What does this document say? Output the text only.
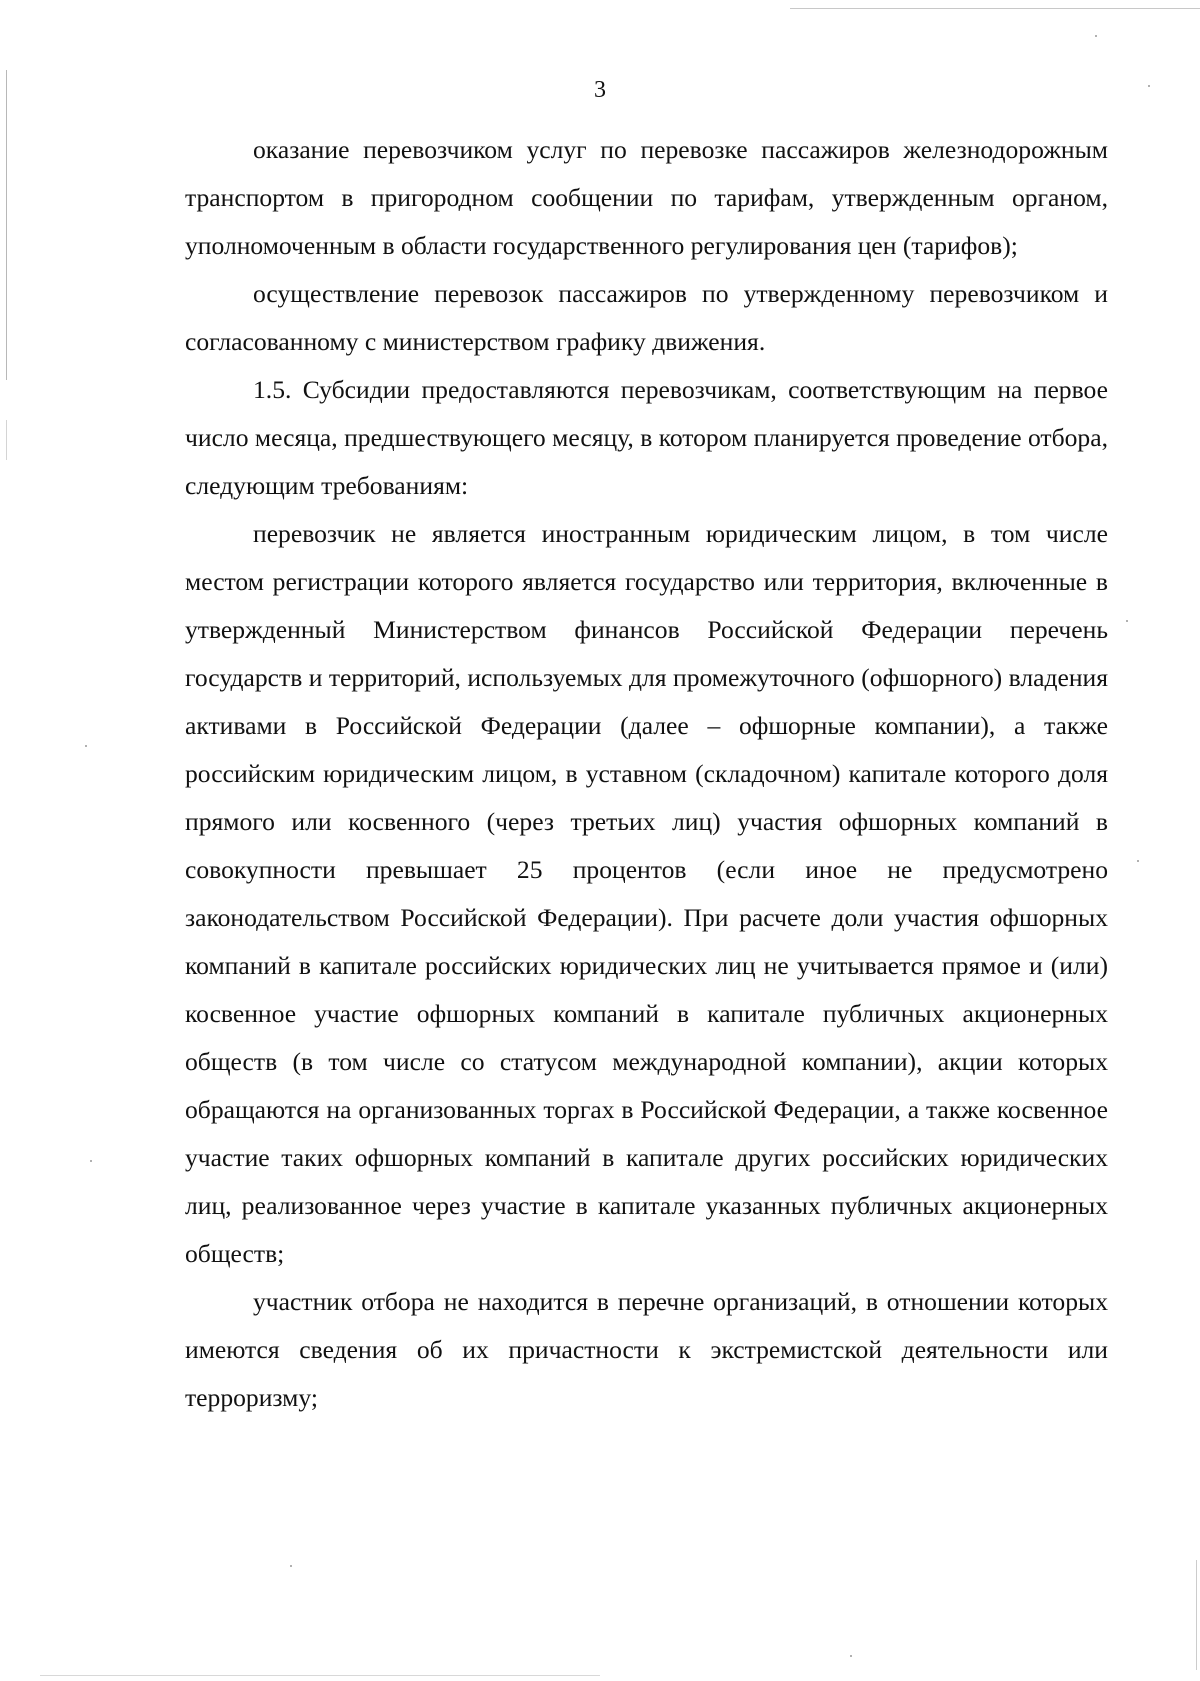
3

оказание перевозчиком услуг по перевозке пассажиров железнодорожным транспортом в пригородном сообщении по тарифам, утвержденным органом, уполномоченным в области государственного регулирования цен (тарифов);

осуществление перевозок пассажиров по утвержденному перевозчиком и согласованному с министерством графику движения.

1.5. Субсидии предоставляются перевозчикам, соответствующим на первое число месяца, предшествующего месяцу, в котором планируется проведение отбора, следующим требованиям:

перевозчик не является иностранным юридическим лицом, в том числе местом регистрации которого является государство или территория, включенные в утвержденный Министерством финансов Российской Федерации перечень государств и территорий, используемых для промежуточного (офшорного) владения активами в Российской Федерации (далее – офшорные компании), а также российским юридическим лицом, в уставном (складочном) капитале которого доля прямого или косвенного (через третьих лиц) участия офшорных компаний в совокупности превышает 25 процентов (если иное не предусмотрено законодательством Российской Федерации). При расчете доли участия офшорных компаний в капитале российских юридических лиц не учитывается прямое и (или) косвенное участие офшорных компаний в капитале публичных акционерных обществ (в том числе со статусом международной компании), акции которых обращаются на организованных торгах в Российской Федерации, а также косвенное участие таких офшорных компаний в капитале других российских юридических лиц, реализованное через участие в капитале указанных публичных акционерных обществ;

участник отбора не находится в перечне организаций, в отношении которых имеются сведения об их причастности к экстремистской деятельности или терроризму;
